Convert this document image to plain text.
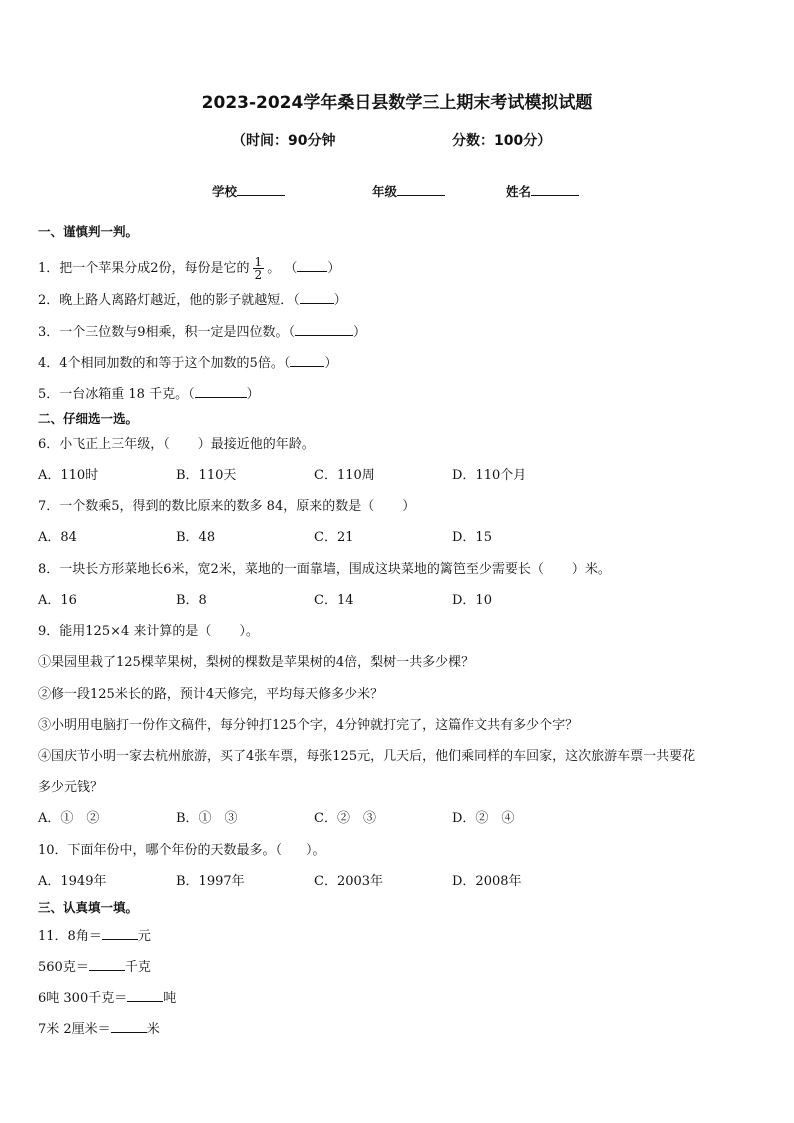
2023-2024学年桑日县数学三上期末考试模拟试题
（时间：90分钟	分数：100分）
学校	年级	姓名
一、谨慎判一判。
1．把一个苹果分成2份，每份是它的 $\frac{1}{2}$ 。 （ ）
2．晚上路人离路灯越近，他的影子就越短．（	）
3．一个三位数与9相乘，积一定是四位数。（	）
4．4个相同加数的和等于这个加数的5倍。（	）
5．一台冰箱重 18 千克。（	）
二、仔细选一选。
6．小飞正上三年级，（ ）最接近他的年龄。
A．110时	B．110天	C．110周	D．110个月
7．一个数乘5，得到的数比原来的数多 84，原来的数是（ ）
A．84	B．48	C．21	D．15
8．一块长方形菜地长6米，宽2米，菜地的一面靠墙，围成这块菜地的篱笆至少需要长（ ）米。
A．16	B．8	C．14	D．10
9．能用125×4 来计算的是（ ）。
①果园里栽了125棵苹果树，梨树的棵数是苹果树的4倍，梨树一共多少棵？
②修一段125米长的路，预计4天修完，平均每天修多少米？
③小明用电脑打一份作文稿件，每分钟打125个字，4分钟就打完了，这篇作文共有多少个字？
④国庆节小明一家去杭州旅游，买了4张车票，每张125元，几天后，他们乘同样的车回家，这次旅游车票一共要花
多少元钱？
A．①　②	B．①　③	C．②　③	D．②　④
10．下面年份中，哪个年份的天数最多。（ ）。
A．1949年	B．1997年	C．2003年	D．2008年
三、认真填一填。
11．8角＝	元
560克＝	千克
6吨 300千克＝	吨
7米 2厘米＝	米
